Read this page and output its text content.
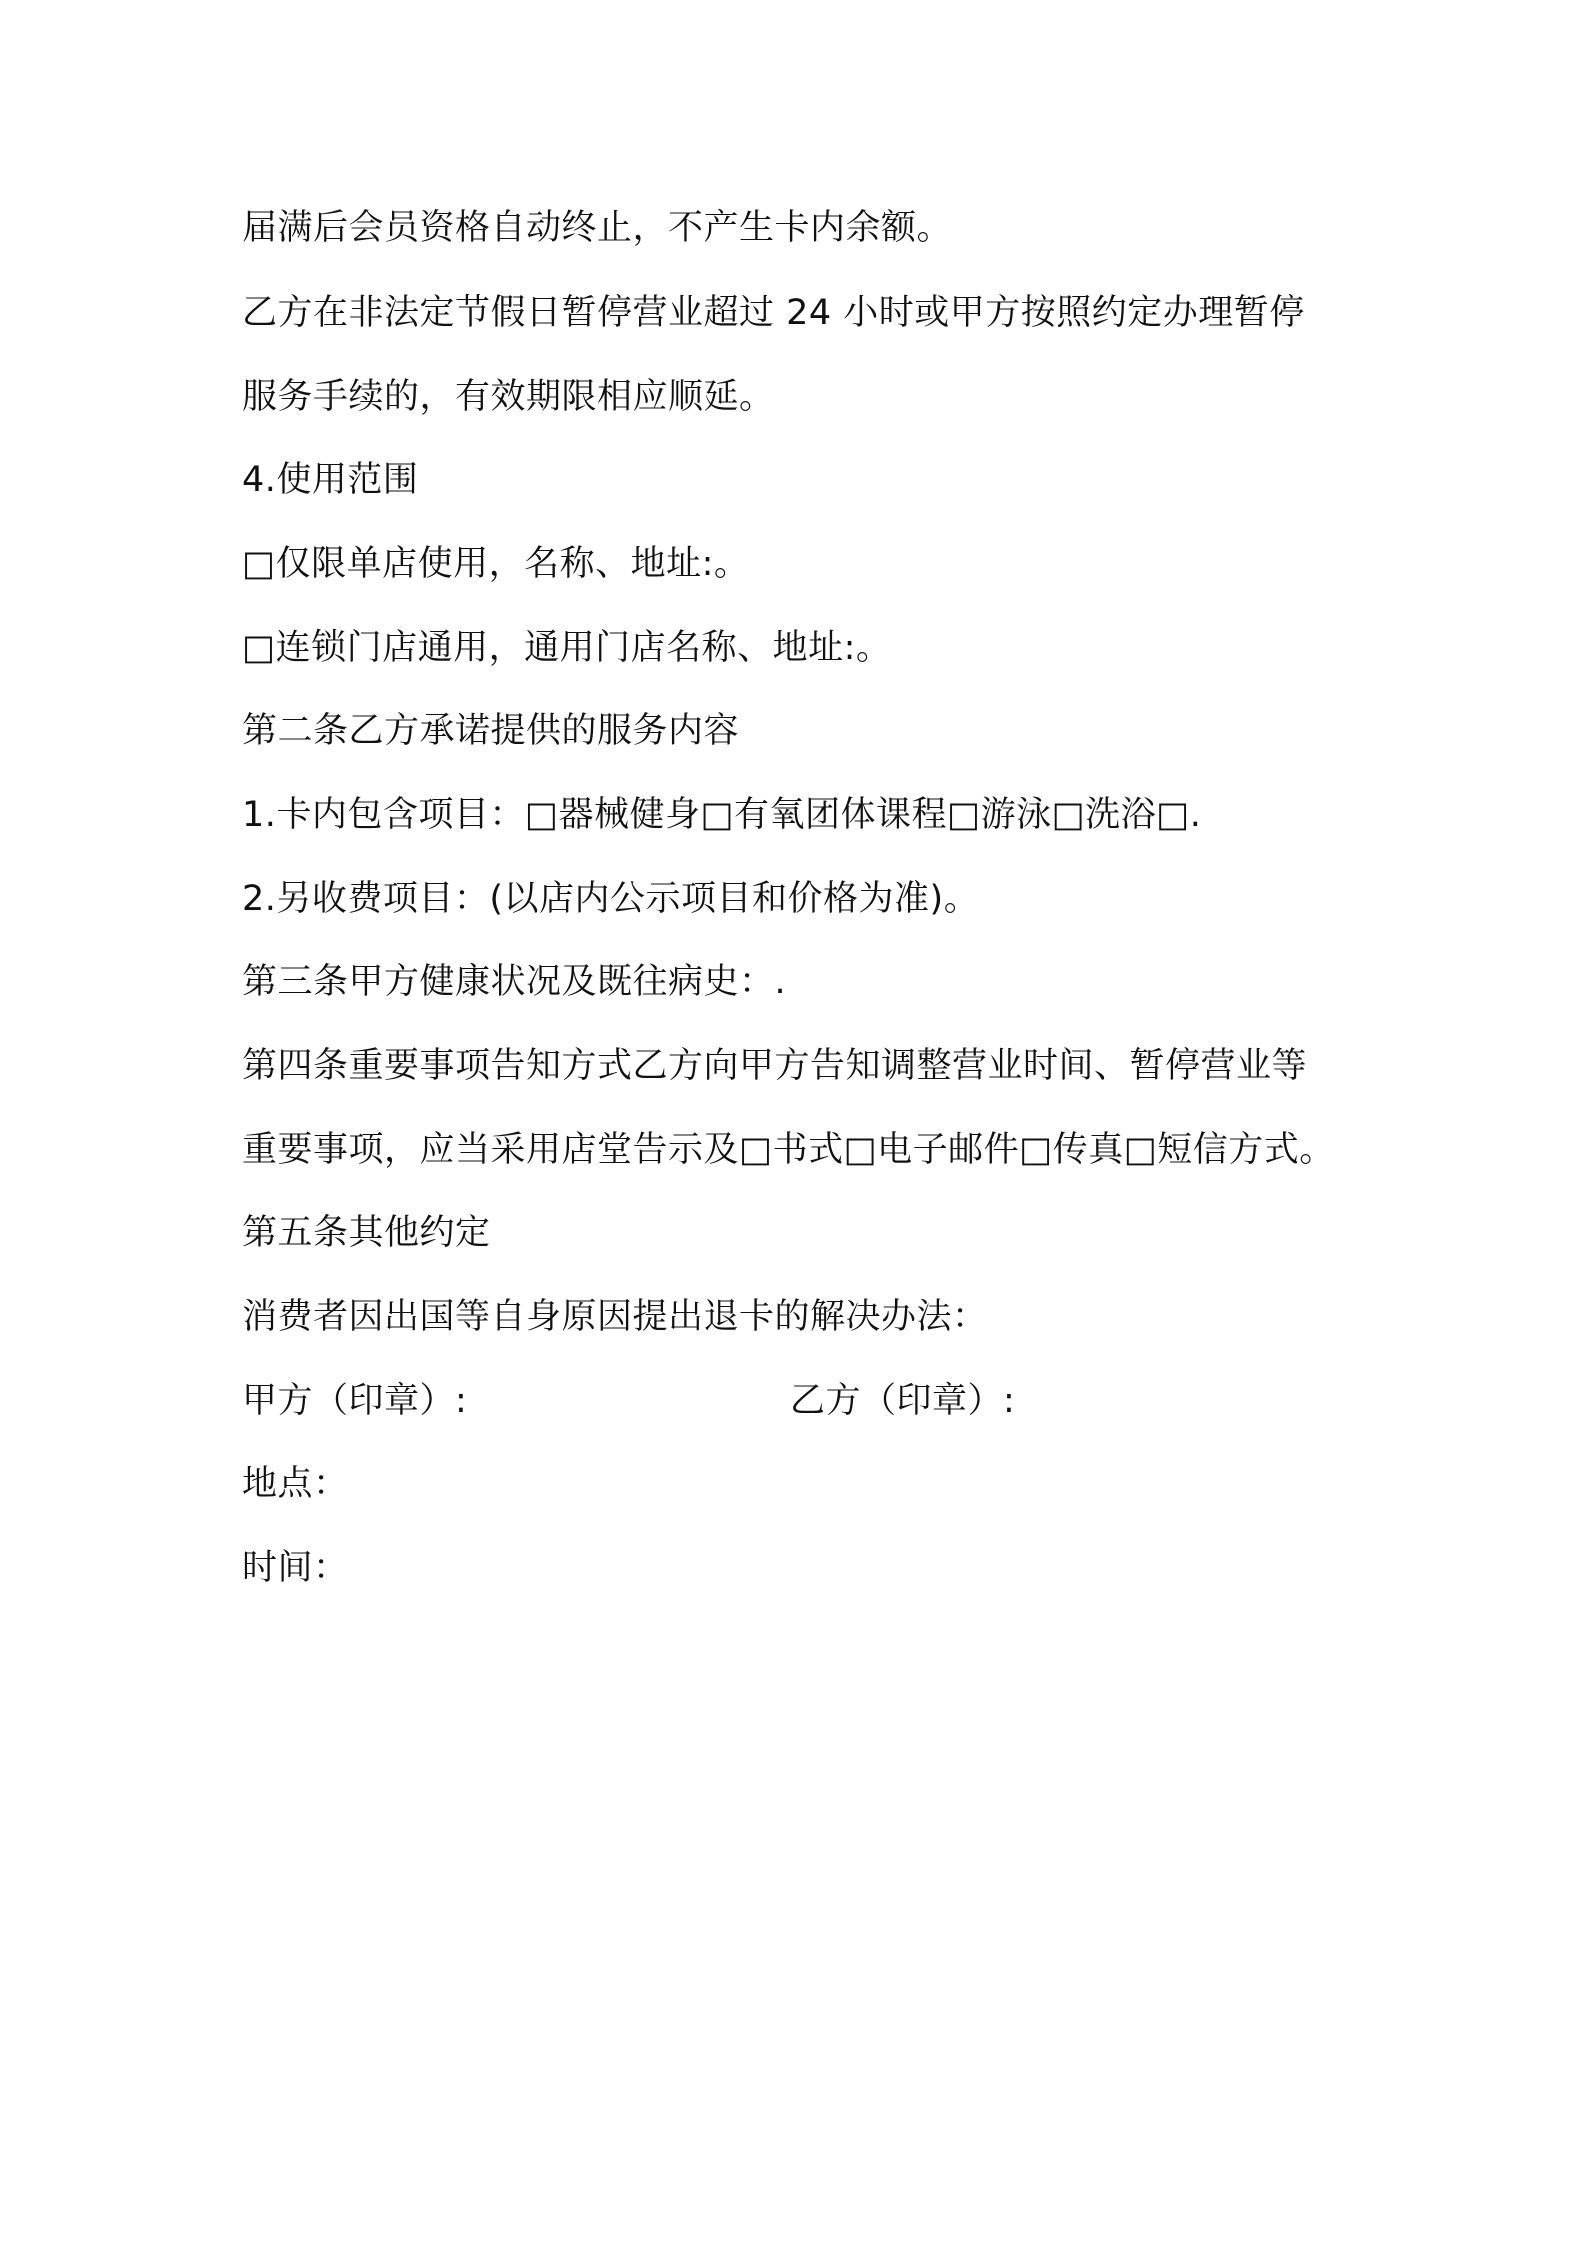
届满后会员资格自动终止，不产生卡内余额。
乙方在非法定节假日暂停营业超过 24 小时或甲方按照约定办理暂停
服务手续的，有效期限相应顺延。
4.使用范围
□仅限单店使用，名称、地址:。
□连锁门店通用，通用门店名称、地址:。
第二条乙方承诺提供的服务内容
1.卡内包含项目：□器械健身□有氧团体课程□游泳□洗浴□.
2.另收费项目：(以店内公示项目和价格为准)。
第三条甲方健康状况及既往病史：.
第四条重要事项告知方式乙方向甲方告知调整营业时间、暂停营业等
重要事项，应当采用店堂告示及□书式□电子邮件□传真□短信方式。
第五条其他约定
消费者因出国等自身原因提出退卡的解决办法：
甲方（印章）:	乙方（印章）:
地点：
时间：
